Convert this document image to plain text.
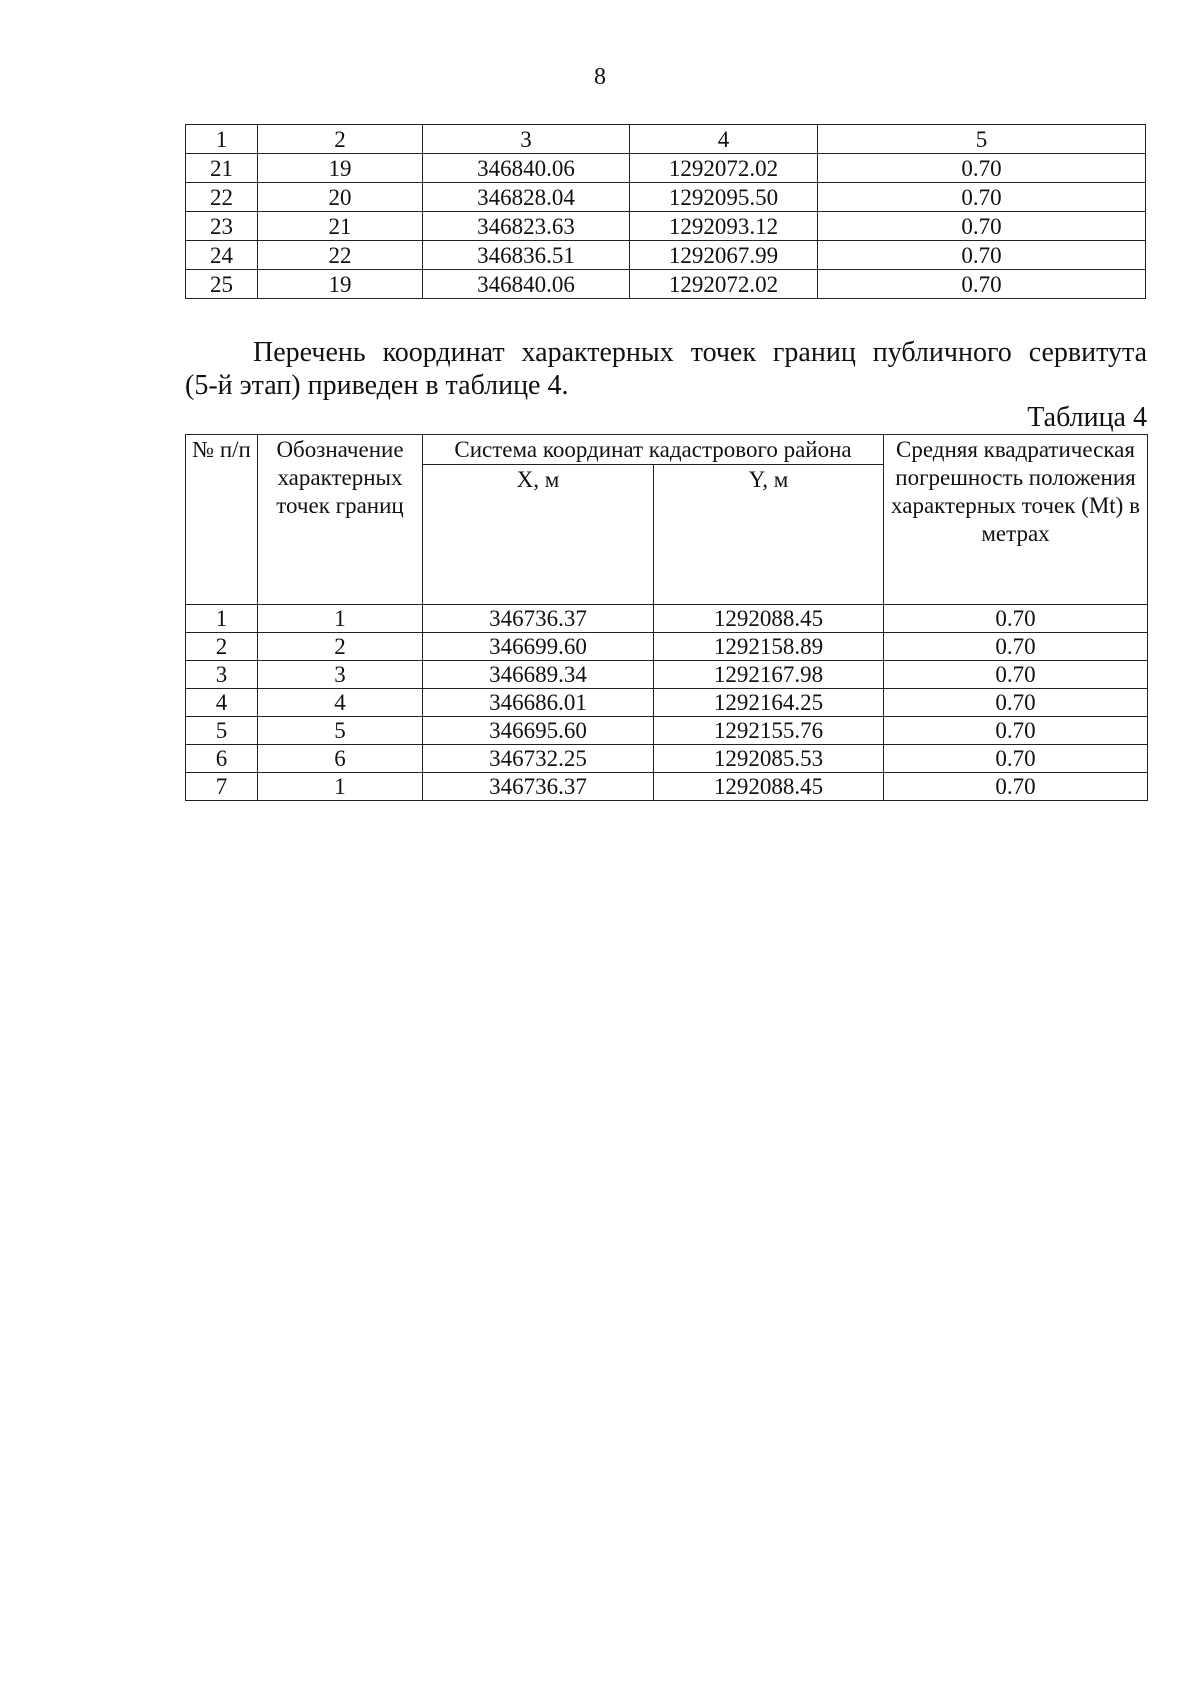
8
1	2	3	4	5
21	19	346840.06	1292072.02	0.70
22	20	346828.04	1292095.50	0.70
23	21	346823.63	1292093.12	0.70
24	22	346836.51	1292067.99	0.70
25	19	346840.06	1292072.02	0.70
Перечень координат характерных точек границ публичного сервитута
(5-й этап) приведен в таблице 4.
Таблица 4
№ п/п	Обозначение характерных точек границ	Система координат кадастрового района		Средняя квадратическая погрешность положения характерных точек (Mt) в метрах
		X, м	Y, м	
1	1	346736.37	1292088.45	0.70
2	2	346699.60	1292158.89	0.70
3	3	346689.34	1292167.98	0.70
4	4	346686.01	1292164.25	0.70
5	5	346695.60	1292155.76	0.70
6	6	346732.25	1292085.53	0.70
7	1	346736.37	1292088.45	0.70
